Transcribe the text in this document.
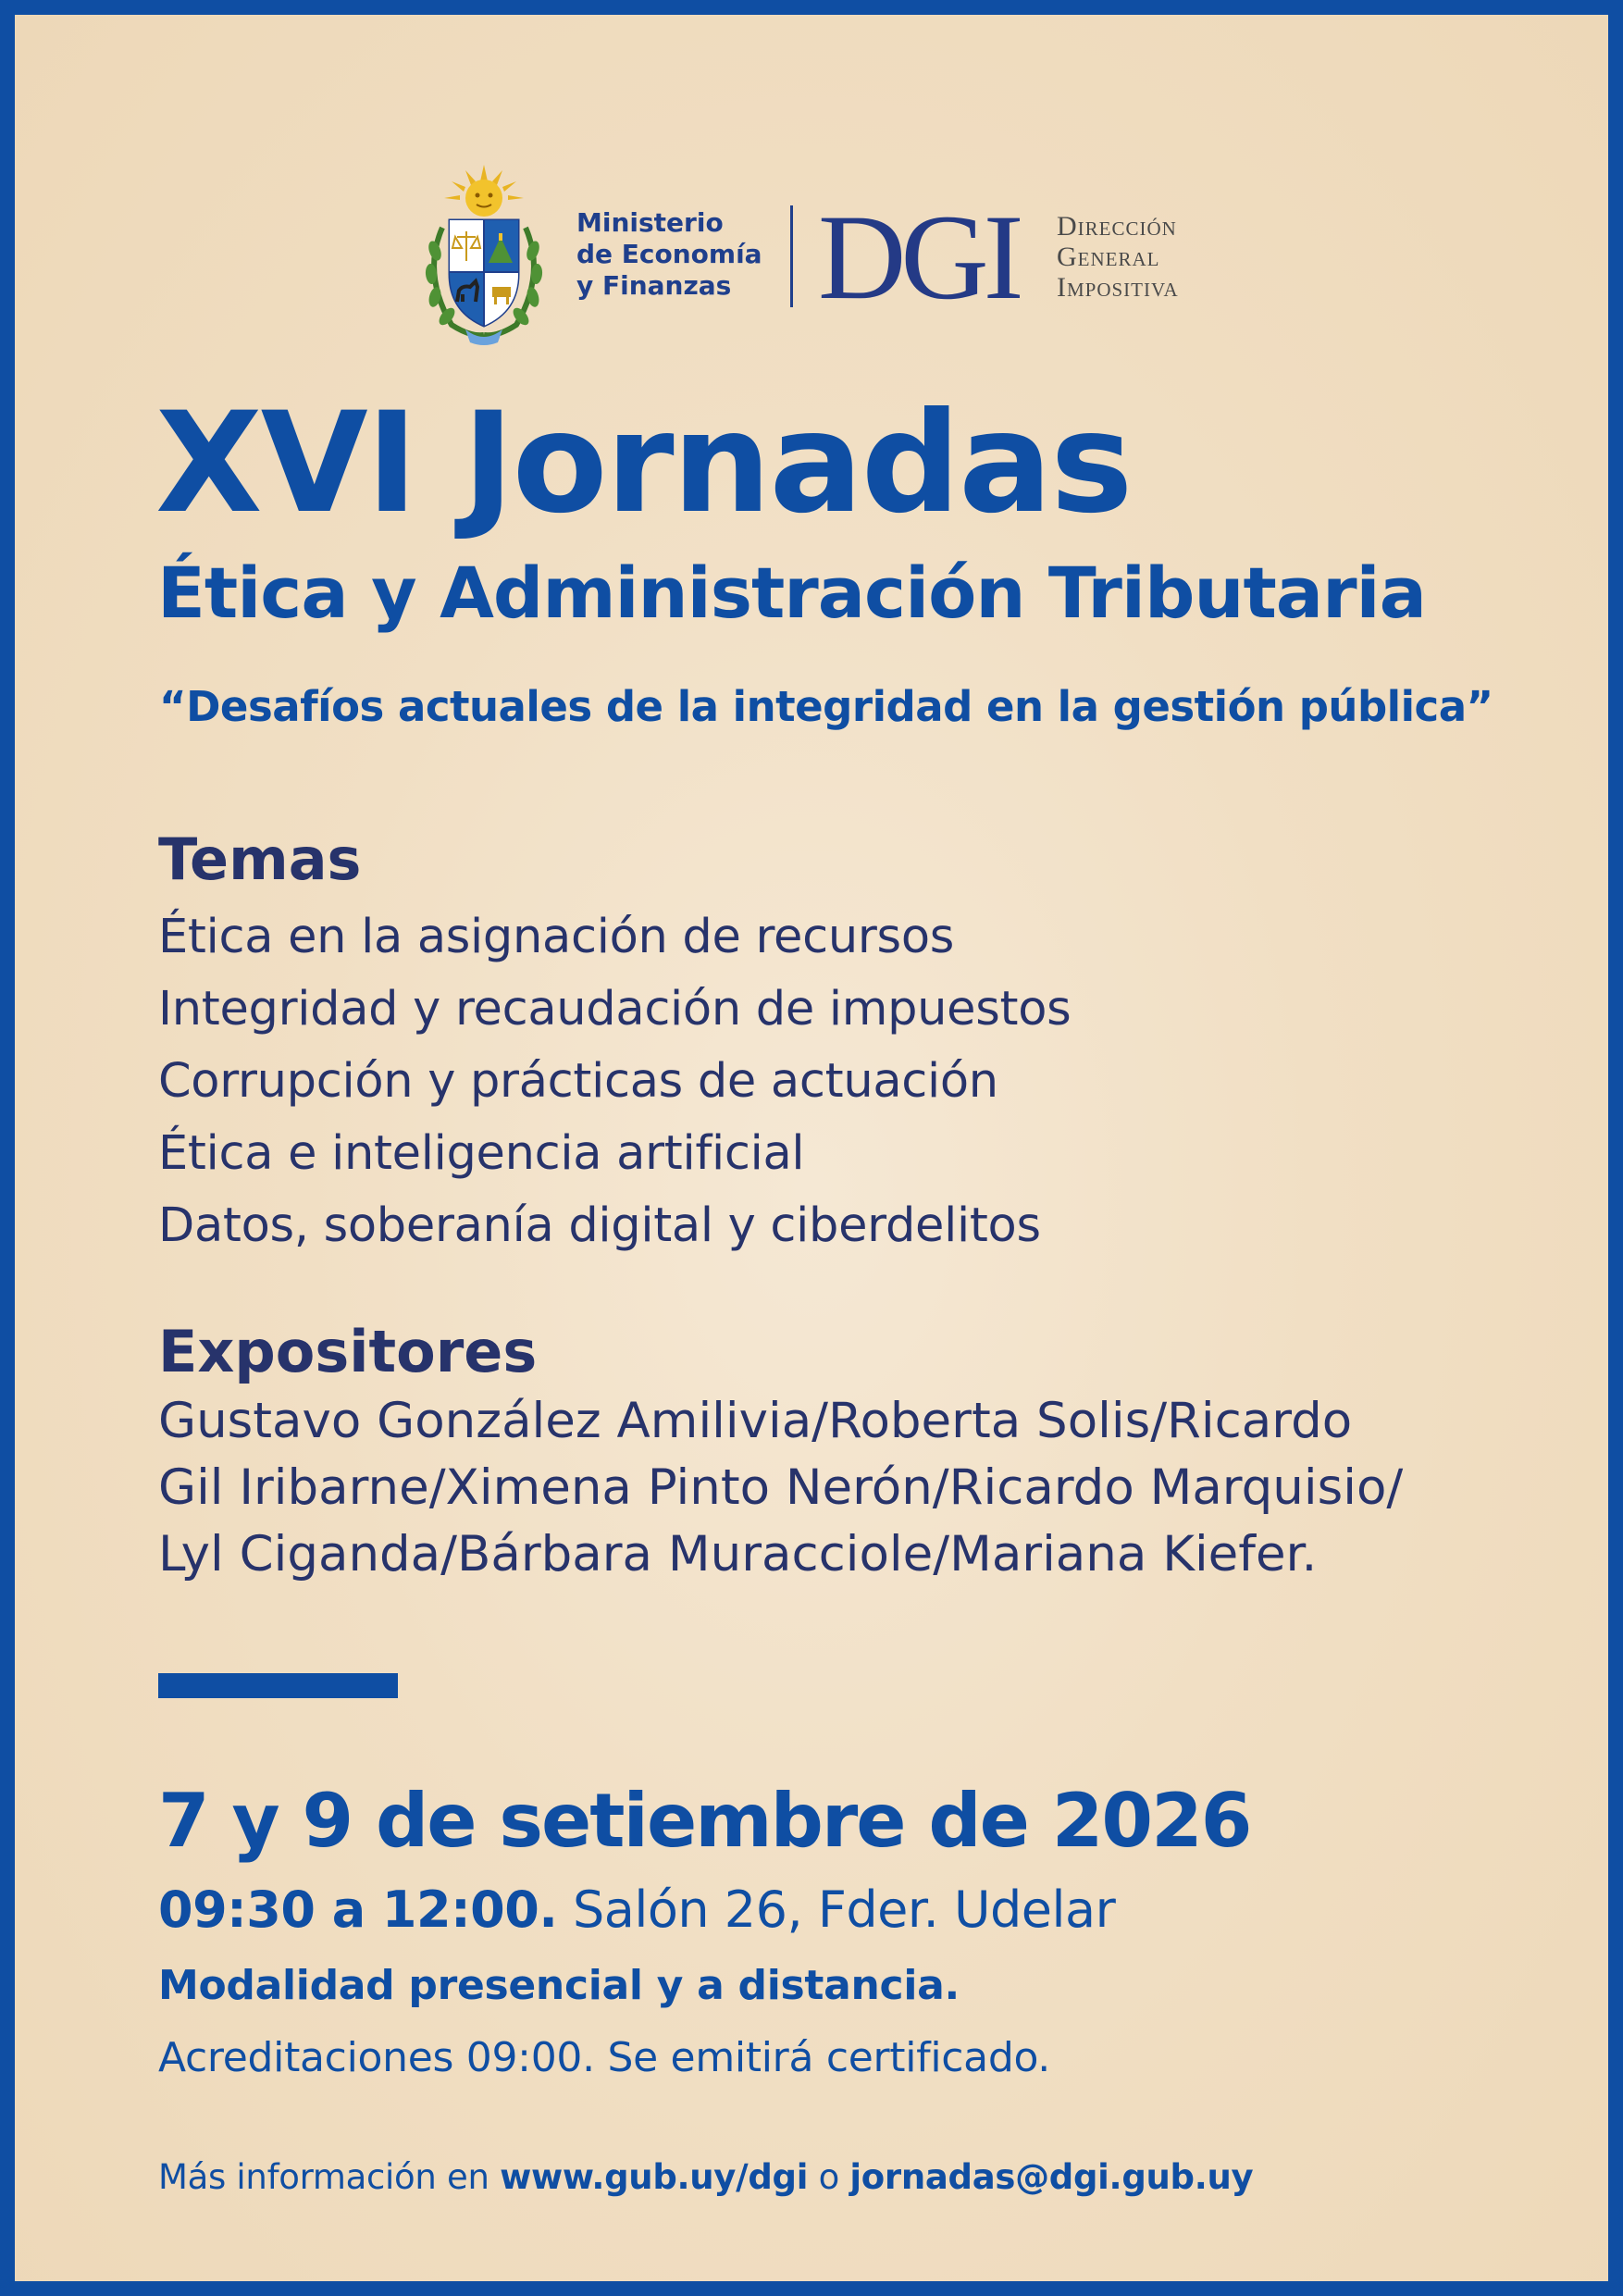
Ministerio
de Economía
y Finanzas DGI Dirección
General
Impositiva
XVI Jornadas
Ética y Administración Tributaria
“Desafíos actuales de la integridad en la gestión pública”
Temas
Ética en la asignación de recursos
Integridad y recaudación de impuestos
Corrupción y prácticas de actuación
Ética e inteligencia artificial
Datos, soberanía digital y ciberdelitos
Expositores
Gustavo González Amilivia/Roberta Solis/Ricardo
Gil Iribarne/Ximena Pinto Nerón/Ricardo Marquisio/
Lyl Ciganda/Bárbara Muracciole/Mariana Kiefer.
7 y 9 de setiembre de 2026
09:30 a 12:00. Salón 26, Fder. Udelar
Modalidad presencial y a distancia.
Acreditaciones 09:00. Se emitirá certificado.
Más información en www.gub.uy/dgi o jornadas@dgi.gub.uy
